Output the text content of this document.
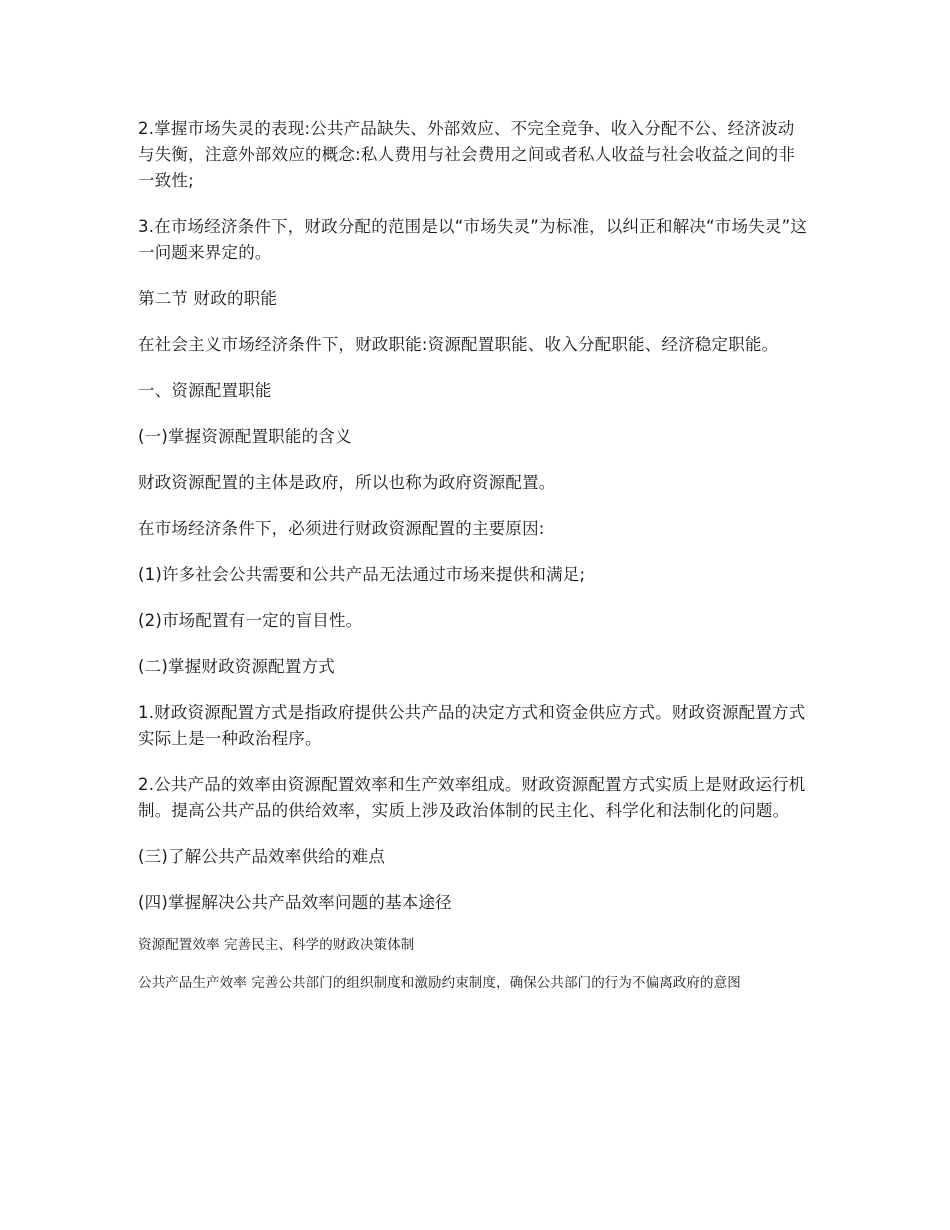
2.掌握市场失灵的表现:公共产品缺失、外部效应、不完全竞争、收入分配不公、经济波动与失衡，注意外部效应的概念:私人费用与社会费用之间或者私人收益与社会收益之间的非一致性;

3.在市场经济条件下，财政分配的范围是以“市场失灵”为标准，以纠正和解决“市场失灵”这一问题来界定的。

第二节 财政的职能

在社会主义市场经济条件下，财政职能:资源配置职能、收入分配职能、经济稳定职能。

一、资源配置职能

(一)掌握资源配置职能的含义

财政资源配置的主体是政府，所以也称为政府资源配置。

在市场经济条件下，必须进行财政资源配置的主要原因:

(1)许多社会公共需要和公共产品无法通过市场来提供和满足;

(2)市场配置有一定的盲目性。

(二)掌握财政资源配置方式

1.财政资源配置方式是指政府提供公共产品的决定方式和资金供应方式。财政资源配置方式实际上是一种政治程序。

2.公共产品的效率由资源配置效率和生产效率组成。财政资源配置方式实质上是财政运行机制。提高公共产品的供给效率，实质上涉及政治体制的民主化、科学化和法制化的问题。

(三)了解公共产品效率供给的难点

(四)掌握解决公共产品效率问题的基本途径

资源配置效率 完善民主、科学的财政决策体制

公共产品生产效率 完善公共部门的组织制度和激励约束制度，确保公共部门的行为不偏离政府的意图
